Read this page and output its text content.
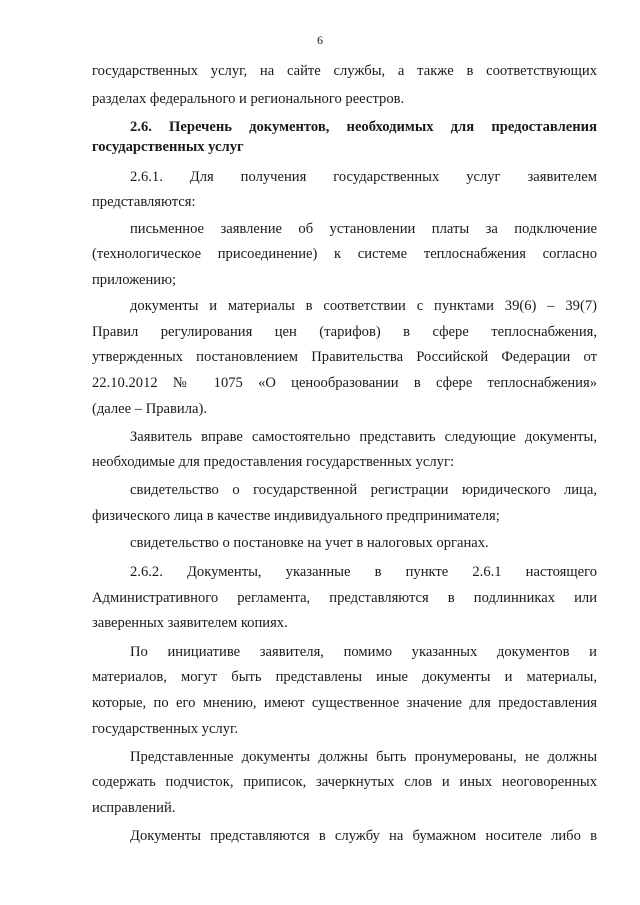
6
государственных услуг, на сайте службы, а также в соответствующих
разделах федерального и регионального реестров.
2.6. Перечень документов, необходимых для предоставления
государственных услуг
2.6.1. Для получения государственных услуг заявителем
представляются:
письменное заявление об установлении платы за подключение
(технологическое присоединение) к системе теплоснабжения согласно
приложению;
документы и материалы в соответствии с пунктами 39(6) – 39(7)
Правил регулирования цен (тарифов) в сфере теплоснабжения,
утвержденных постановлением Правительства Российской Федерации от
22.10.2012 № 1075 «О ценообразовании в сфере теплоснабжения»
(далее – Правила).
Заявитель вправе самостоятельно представить следующие документы,
необходимые для предоставления государственных услуг:
свидетельство о государственной регистрации юридического лица,
физического лица в качестве индивидуального предпринимателя;
свидетельство о постановке на учет в налоговых органах.
2.6.2. Документы, указанные в пункте 2.6.1 настоящего
Административного регламента, представляются в подлинниках или
заверенных заявителем копиях.
По инициативе заявителя, помимо указанных документов и
материалов, могут быть представлены иные документы и материалы,
которые, по его мнению, имеют существенное значение для предоставления
государственных услуг.
Представленные документы должны быть пронумерованы, не должны
содержать подчисток, приписок, зачеркнутых слов и иных неоговоренных
исправлений.
Документы представляются в службу на бумажном носителе либо в
